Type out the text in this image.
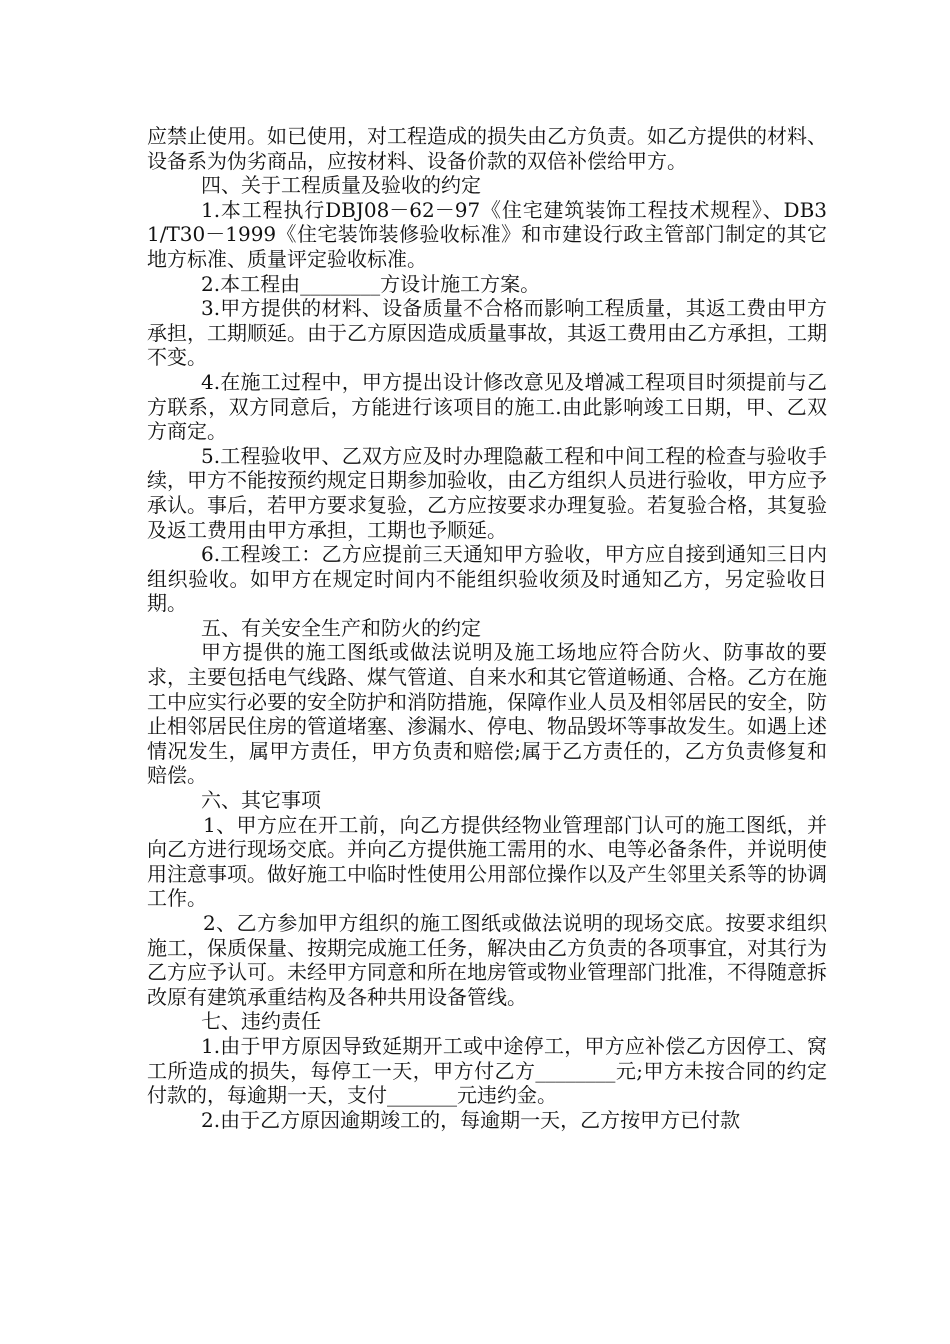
应禁止使用。如已使用，对工程造成的损失由乙方负责。如乙方提供的材料、设备系为伪劣商品，应按材料、设备价款的双倍补偿给甲方。

四、关于工程质量及验收的约定

1.本工程执行DBJ08－62－97《住宅建筑装饰工程技术规程》、DB31/T30－1999《住宅装饰装修验收标准》和市建设行政主管部门制定的其它地方标准、质量评定验收标准。

2.本工程由________方设计施工方案。

3.甲方提供的材料、设备质量不合格而影响工程质量，其返工费由甲方承担，工期顺延。由于乙方原因造成质量事故，其返工费用由乙方承担，工期不变。

4.在施工过程中，甲方提出设计修改意见及增减工程项目时须提前与乙方联系，双方同意后，方能进行该项目的施工.由此影响竣工日期，甲、乙双方商定。

5.工程验收甲、乙双方应及时办理隐蔽工程和中间工程的检查与验收手续，甲方不能按预约规定日期参加验收，由乙方组织人员进行验收，甲方应予承认。事后，若甲方要求复验，乙方应按要求办理复验。若复验合格，其复验及返工费用由甲方承担，工期也予顺延。

6.工程竣工：乙方应提前三天通知甲方验收，甲方应自接到通知三日内组织验收。如甲方在规定时间内不能组织验收须及时通知乙方，另定验收日期。

五、有关安全生产和防火的约定

甲方提供的施工图纸或做法说明及施工场地应符合防火、防事故的要求，主要包括电气线路、煤气管道、自来水和其它管道畅通、合格。乙方在施工中应实行必要的安全防护和消防措施，保障作业人员及相邻居民的安全，防止相邻居民住房的管道堵塞、渗漏水、停电、物品毁坏等事故发生。如遇上述情况发生，属甲方责任，甲方负责和赔偿;属于乙方责任的，乙方负责修复和赔偿。

六、其它事项

1、甲方应在开工前，向乙方提供经物业管理部门认可的施工图纸，并向乙方进行现场交底。并向乙方提供施工需用的水、电等必备条件，并说明使用注意事项。做好施工中临时性使用公用部位操作以及产生邻里关系等的协调工作。

2、乙方参加甲方组织的施工图纸或做法说明的现场交底。按要求组织施工，保质保量、按期完成施工任务，解决由乙方负责的各项事宜，对其行为乙方应予认可。未经甲方同意和所在地房管或物业管理部门批准，不得随意拆改原有建筑承重结构及各种共用设备管线。

七、违约责任

1.由于甲方原因导致延期开工或中途停工，甲方应补偿乙方因停工、窝工所造成的损失，每停工一天，甲方付乙方________元;甲方未按合同的约定付款的，每逾期一天，支付_______元违约金。

2.由于乙方原因逾期竣工的，每逾期一天，乙方按甲方已付款
